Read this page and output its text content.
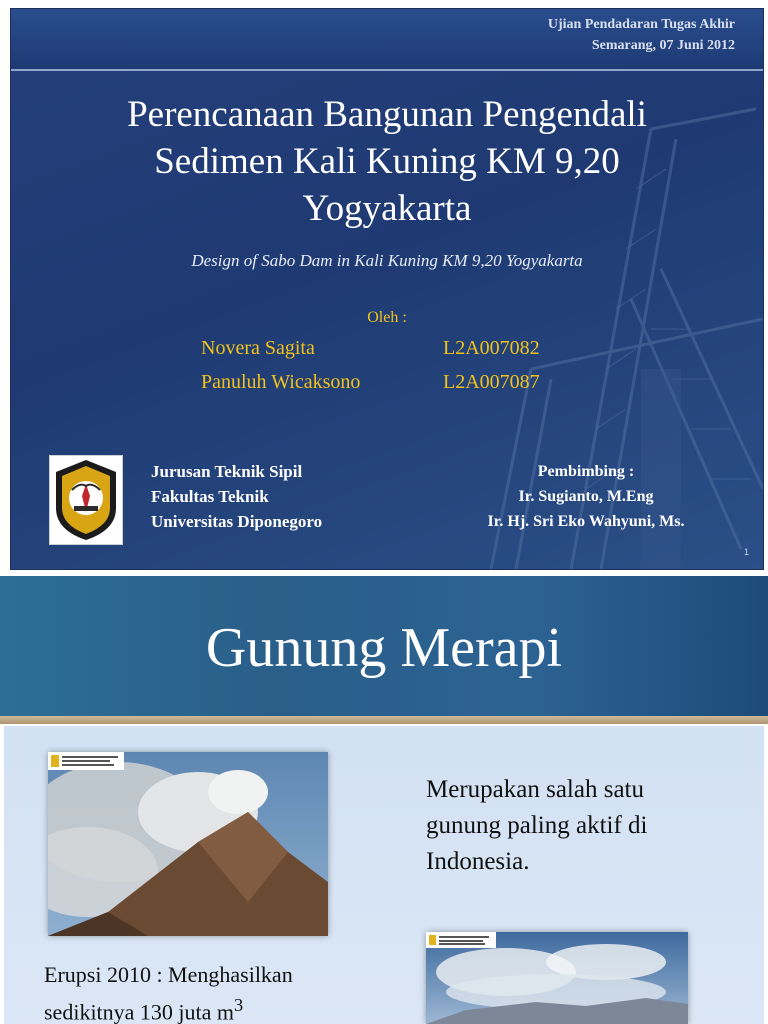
Ujian Pendadaran Tugas Akhir
Semarang, 07 Juni 2012
Perencanaan Bangunan Pengendali
Sedimen Kali Kuning KM 9,20
Yogyakarta
Design of Sabo Dam in Kali Kuning KM 9,20 Yogyakarta
Oleh :
Novera Sagita	L2A007082
Panuluh Wicaksono	L2A007087
Jurusan Teknik Sipil
Fakultas Teknik
Universitas Diponegoro
Pembimbing :
Ir. Sugianto, M.Eng
Ir. Hj. Sri Eko Wahyuni, Ms.
1
Gunung Merapi
Merupakan salah satu
gunung paling aktif di
Indonesia.
Erupsi 2010 : Menghasilkan
sedikitnya 130 juta $m^3$
